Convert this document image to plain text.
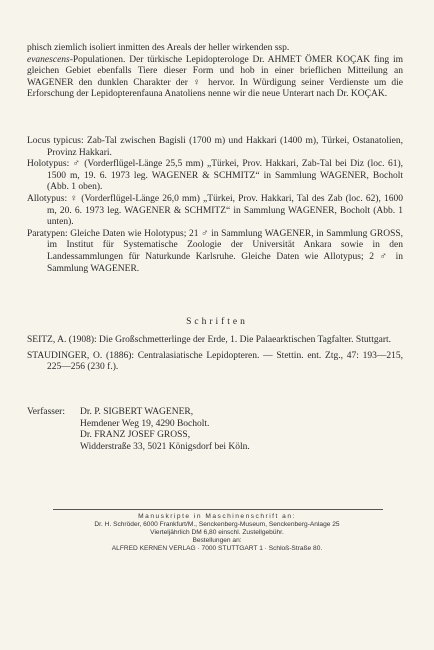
phisch ziemlich isoliert inmitten des Areals der heller wirkenden ssp.
evanescens-Populationen. Der türkische Lepidopterologe Dr. AHMET ÖMER KOÇAK fing im gleichen Gebiet ebenfalls Tiere dieser Form und hob in einer brieflichen Mitteilung an WAGENER den dunklen Charakter der ♀ hervor. In Würdigung seiner Verdienste um die Erforschung der Lepidopterenfauna Anatoliens nenne wir die neue Unterart nach Dr. KOÇAK.

Locus typicus: Zab-Tal zwischen Bagisli (1700 m) und Hakkari (1400 m), Türkei, Ostanatolien, Provinz Hakkari.

Holotypus: ♂ (Vorderflügel-Länge 25,5 mm) „Türkei, Prov. Hakkari, Zab-Tal bei Diz (loc. 61), 1500 m, 19. 6. 1973 leg. WAGENER & SCHMITZ“ in Sammlung WAGENER, Bocholt (Abb. 1 oben).

Allotypus: ♀ (Vorderflügel-Länge 26,0 mm) „Türkei, Prov. Hakkari, Tal des Zab (loc. 62), 1600 m, 20. 6. 1973 leg. WAGENER & SCHMITZ“ in Sammlung WAGENER, Bocholt (Abb. 1 unten).

Paratypen: Gleiche Daten wie Holotypus; 21 ♂ in Sammlung WAGENER, in Sammlung GROSS, im Institut für Systematische Zoologie der Universität Ankara sowie in den Landessammlungen für Naturkunde Karlsruhe. Gleiche Daten wie Allotypus; 2 ♂ in Sammlung WAGENER.

Schriften

SEITZ, A. (1908): Die Großschmetterlinge der Erde, 1. Die Palaearktischen Tagfalter. Stuttgart.

STAUDINGER, O. (1886): Centralasiatische Lepidopteren. — Stettin. ent. Ztg., 47: 193—215, 225—256 (230 f.).

Verfasser: Dr. P. SIGBERT WAGENER,
Hemdener Weg 19, 4290 Bocholt.
Dr. FRANZ JOSEF GROSS,
Widderstraße 33, 5021 Königsdorf bei Köln.
Manuskripte in Maschinenschrift an:
Dr. H. Schröder, 6000 Frankfurt/M., Senckenberg-Museum, Senckenberg-Anlage 25
Vierteljährlich DM 6,80 einschl. Zustellgebühr.
Bestellungen an:
ALFRED KERNEN VERLAG · 7000 STUTTGART 1 · Schloß-Straße 80.
